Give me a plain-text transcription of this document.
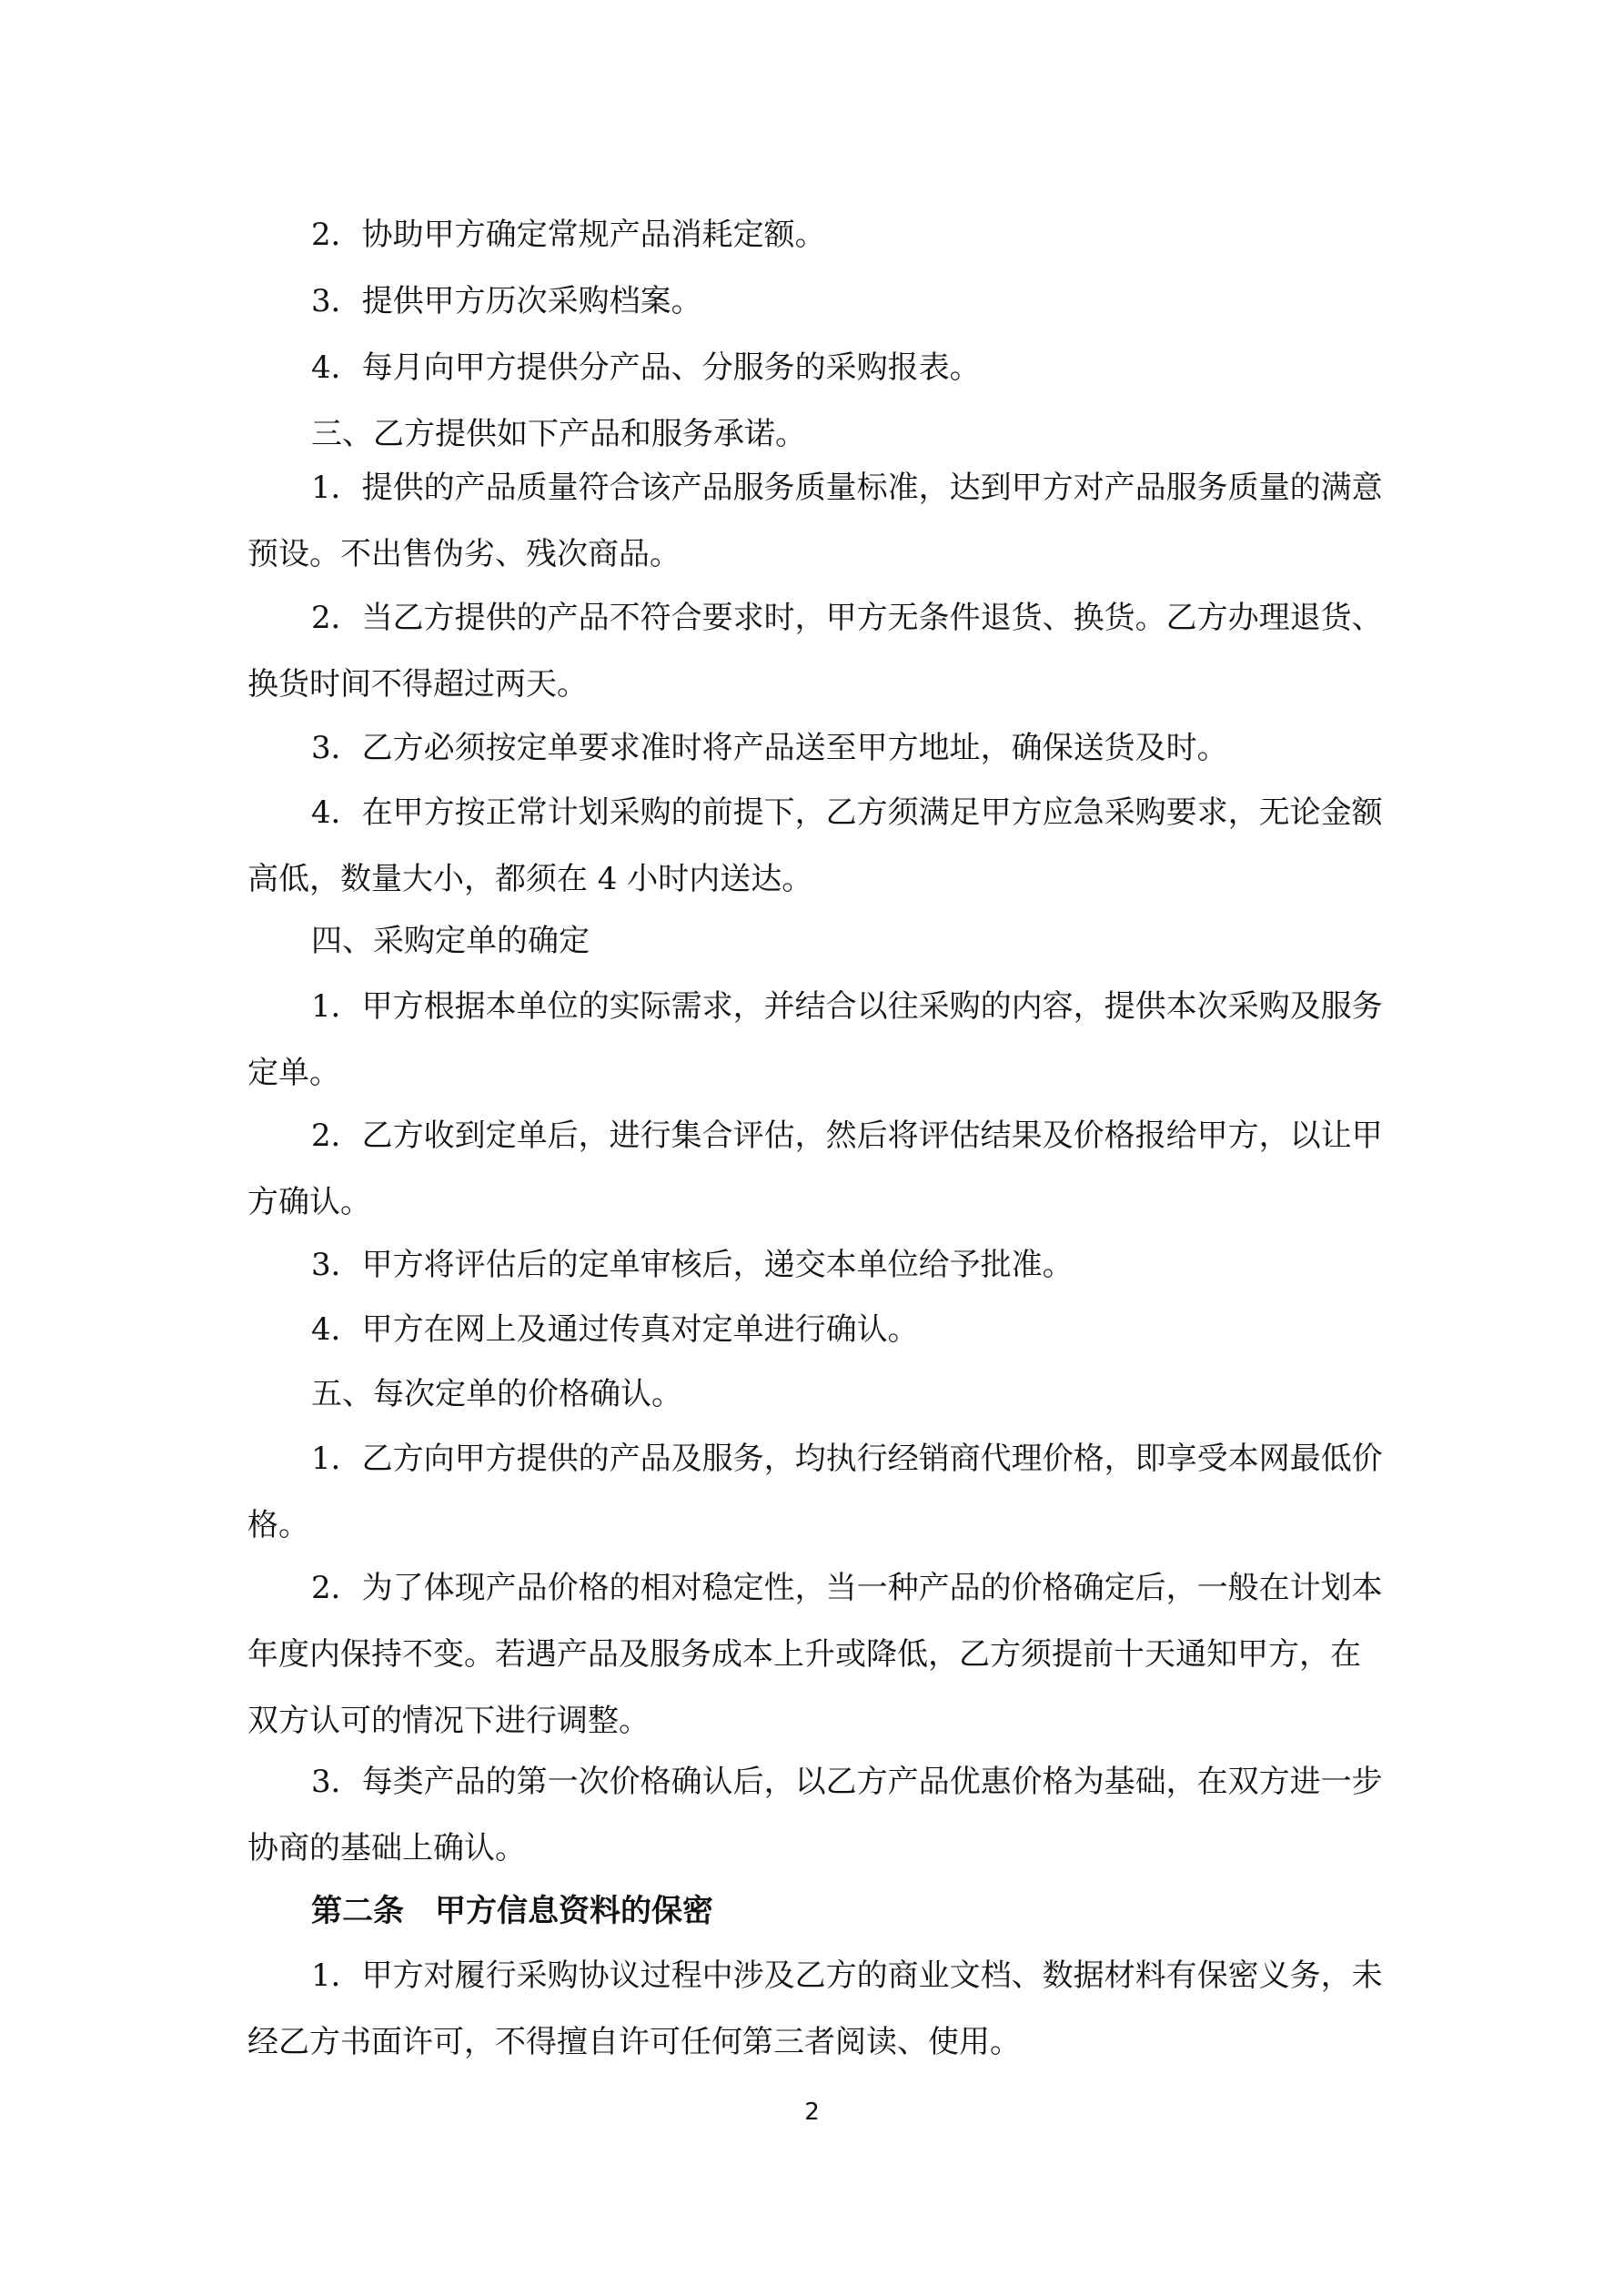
2．协助甲方确定常规产品消耗定额。

3．提供甲方历次采购档案。

4．每月向甲方提供分产品、分服务的采购报表。

三、乙方提供如下产品和服务承诺。

1．提供的产品质量符合该产品服务质量标准，达到甲方对产品服务质量的满意预设。不出售伪劣、残次商品。

2．当乙方提供的产品不符合要求时，甲方无条件退货、换货。乙方办理退货、换货时间不得超过两天。

3．乙方必须按定单要求准时将产品送至甲方地址，确保送货及时。

4．在甲方按正常计划采购的前提下，乙方须满足甲方应急采购要求，无论金额高低，数量大小，都须在 4 小时内送达。

四、采购定单的确定

1．甲方根据本单位的实际需求，并结合以往采购的内容，提供本次采购及服务定单。

2．乙方收到定单后，进行集合评估，然后将评估结果及价格报给甲方，以让甲方确认。

3．甲方将评估后的定单审核后，递交本单位给予批准。

4．甲方在网上及通过传真对定单进行确认。

五、每次定单的价格确认。

1．乙方向甲方提供的产品及服务，均执行经销商代理价格，即享受本网最低价格。

2．为了体现产品价格的相对稳定性，当一种产品的价格确定后，一般在计划本年度内保持不变。若遇产品及服务成本上升或降低，乙方须提前十天通知甲方，在双方认可的情况下进行调整。

3．每类产品的第一次价格确认后，以乙方产品优惠价格为基础，在双方进一步协商的基础上确认。

第二条　甲方信息资料的保密

1．甲方对履行采购协议过程中涉及乙方的商业文档、数据材料有保密义务，未经乙方书面许可，不得擅自许可任何第三者阅读、使用。

2
